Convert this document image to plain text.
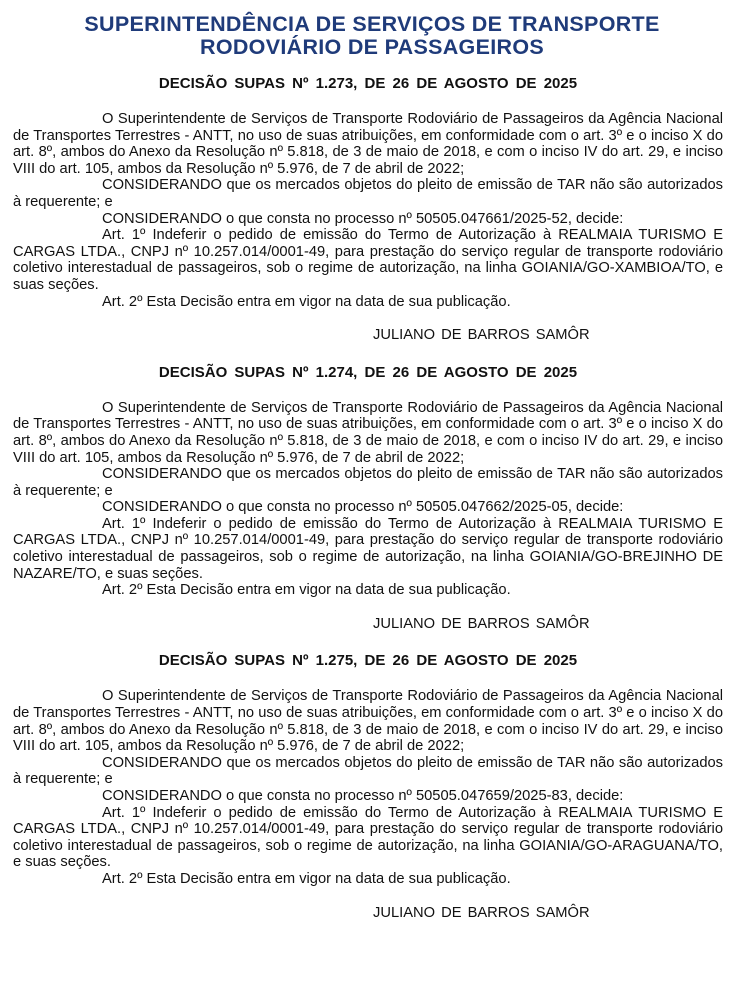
SUPERINTENDÊNCIA DE SERVIÇOS DE TRANSPORTE RODOVIÁRIO DE PASSAGEIROS
DECISÃO SUPAS Nº 1.273, DE 26 DE AGOSTO DE 2025

O Superintendente de Serviços de Transporte Rodoviário de Passageiros da Agência Nacional de Transportes Terrestres - ANTT, no uso de suas atribuições, em conformidade com o art. 3º e o inciso X do art. 8º, ambos do Anexo da Resolução nº 5.818, de 3 de maio de 2018, e com o inciso IV do art. 29, e inciso VIII do art. 105, ambos da Resolução nº 5.976, de 7 de abril de 2022;

CONSIDERANDO que os mercados objetos do pleito de emissão de TAR não são autorizados à requerente; e

CONSIDERANDO o que consta no processo nº 50505.047661/2025-52, decide:

Art. 1º Indeferir o pedido de emissão do Termo de Autorização à REALMAIA TURISMO E CARGAS LTDA., CNPJ nº 10.257.014/0001-49, para prestação do serviço regular de transporte rodoviário coletivo interestadual de passageiros, sob o regime de autorização, na linha GOIANIA/GO-XAMBIOA/TO, e suas seções.

Art. 2º Esta Decisão entra em vigor na data de sua publicação.

JULIANO DE BARROS SAMÔR

DECISÃO SUPAS Nº 1.274, DE 26 DE AGOSTO DE 2025

O Superintendente de Serviços de Transporte Rodoviário de Passageiros da Agência Nacional de Transportes Terrestres - ANTT, no uso de suas atribuições, em conformidade com o art. 3º e o inciso X do art. 8º, ambos do Anexo da Resolução nº 5.818, de 3 de maio de 2018, e com o inciso IV do art. 29, e inciso VIII do art. 105, ambos da Resolução nº 5.976, de 7 de abril de 2022;

CONSIDERANDO que os mercados objetos do pleito de emissão de TAR não são autorizados à requerente; e

CONSIDERANDO o que consta no processo nº 50505.047662/2025-05, decide:

Art. 1º Indeferir o pedido de emissão do Termo de Autorização à REALMAIA TURISMO E CARGAS LTDA., CNPJ nº 10.257.014/0001-49, para prestação do serviço regular de transporte rodoviário coletivo interestadual de passageiros, sob o regime de autorização, na linha GOIANIA/GO-BREJINHO DE NAZARE/TO, e suas seções.

Art. 2º Esta Decisão entra em vigor na data de sua publicação.

JULIANO DE BARROS SAMÔR

DECISÃO SUPAS Nº 1.275, DE 26 DE AGOSTO DE 2025

O Superintendente de Serviços de Transporte Rodoviário de Passageiros da Agência Nacional de Transportes Terrestres - ANTT, no uso de suas atribuições, em conformidade com o art. 3º e o inciso X do art. 8º, ambos do Anexo da Resolução nº 5.818, de 3 de maio de 2018, e com o inciso IV do art. 29, e inciso VIII do art. 105, ambos da Resolução nº 5.976, de 7 de abril de 2022;

CONSIDERANDO que os mercados objetos do pleito de emissão de TAR não são autorizados à requerente; e

CONSIDERANDO o que consta no processo nº 50505.047659/2025-83, decide:

Art. 1º Indeferir o pedido de emissão do Termo de Autorização à REALMAIA TURISMO E CARGAS LTDA., CNPJ nº 10.257.014/0001-49, para prestação do serviço regular de transporte rodoviário coletivo interestadual de passageiros, sob o regime de autorização, na linha GOIANIA/GO-ARAGUANA/TO, e suas seções.

Art. 2º Esta Decisão entra em vigor na data de sua publicação.

JULIANO DE BARROS SAMÔR
